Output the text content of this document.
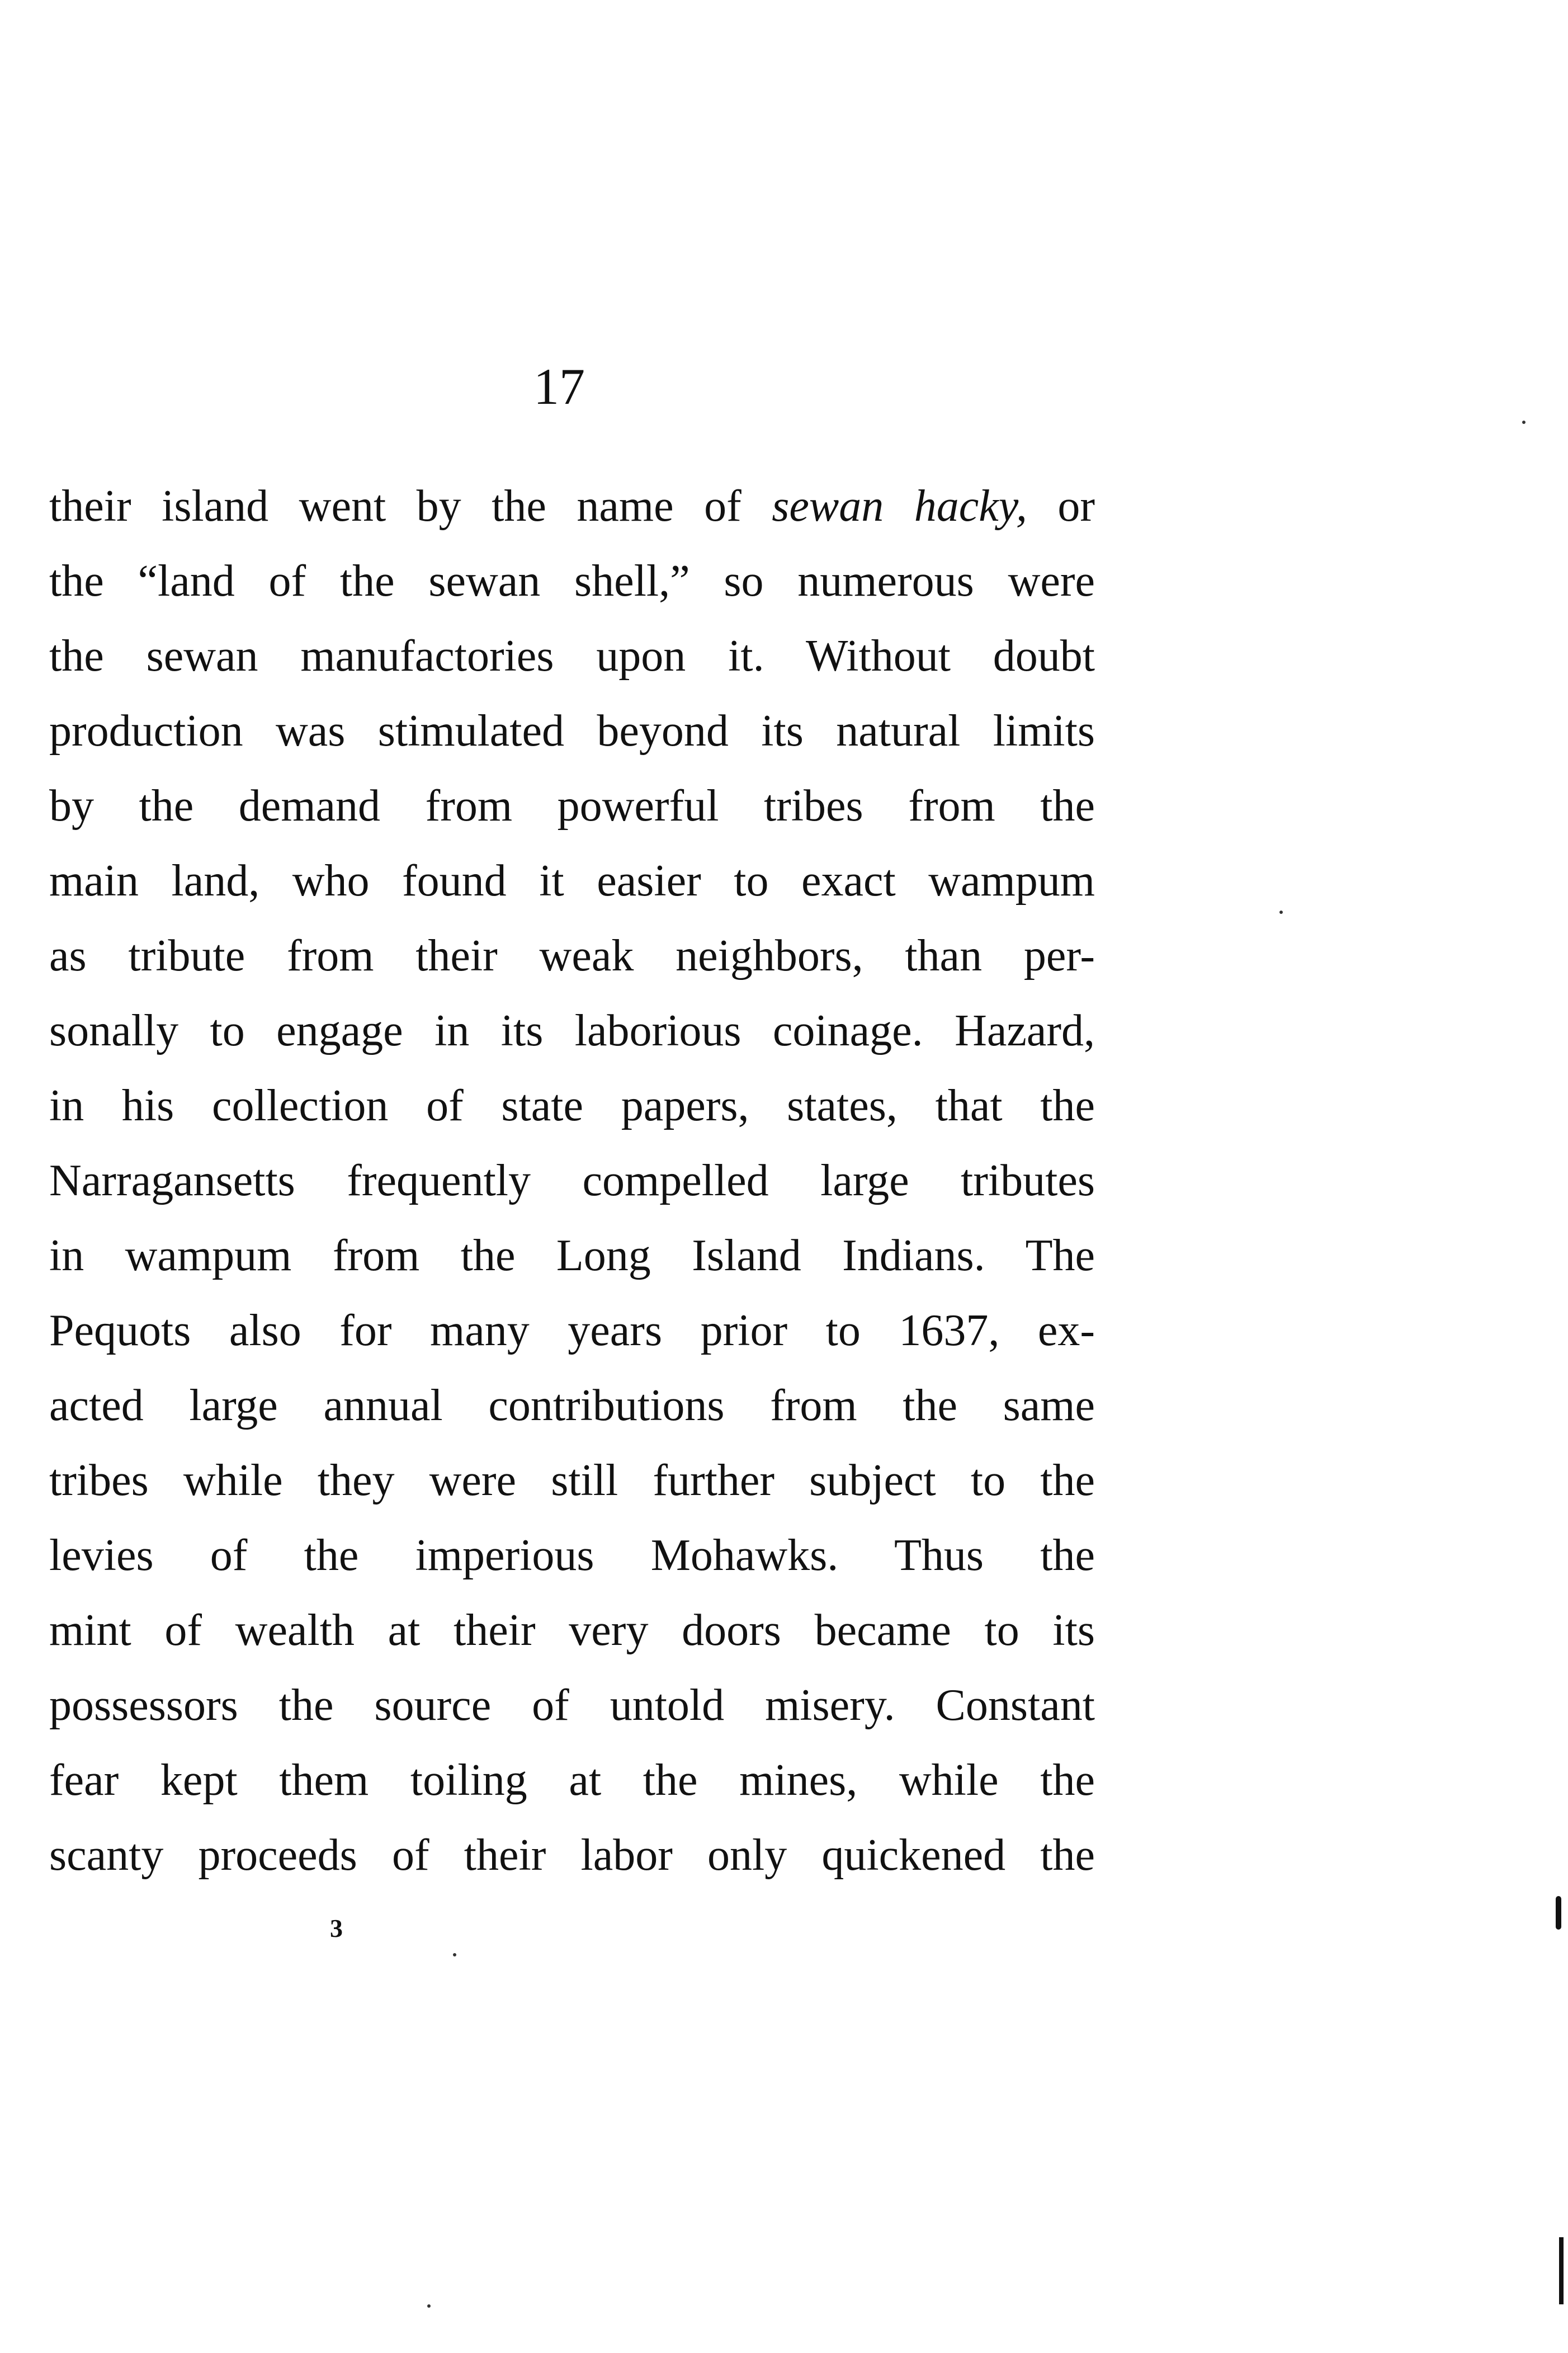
17
their island went by the name of sewan hacky, or
the “land of the sewan shell,” so numerous were
the sewan manufactories upon it. Without doubt
production was stimulated beyond its natural limits
by the demand from powerful tribes from the
main land, who found it easier to exact wampum
as tribute from their weak neighbors, than per-
sonally to engage in its laborious coinage. Hazard,
in his collection of state papers, states, that the
Narragansetts frequently compelled large tributes
in wampum from the Long Island Indians. The
Pequots also for many years prior to 1637, ex-
acted large annual contributions from the same
tribes while they were still further subject to the
levies of the imperious Mohawks. Thus the
mint of wealth at their very doors became to its
possessors the source of untold misery. Constant
fear kept them toiling at the mines, while the
scanty proceeds of their labor only quickened the
3
